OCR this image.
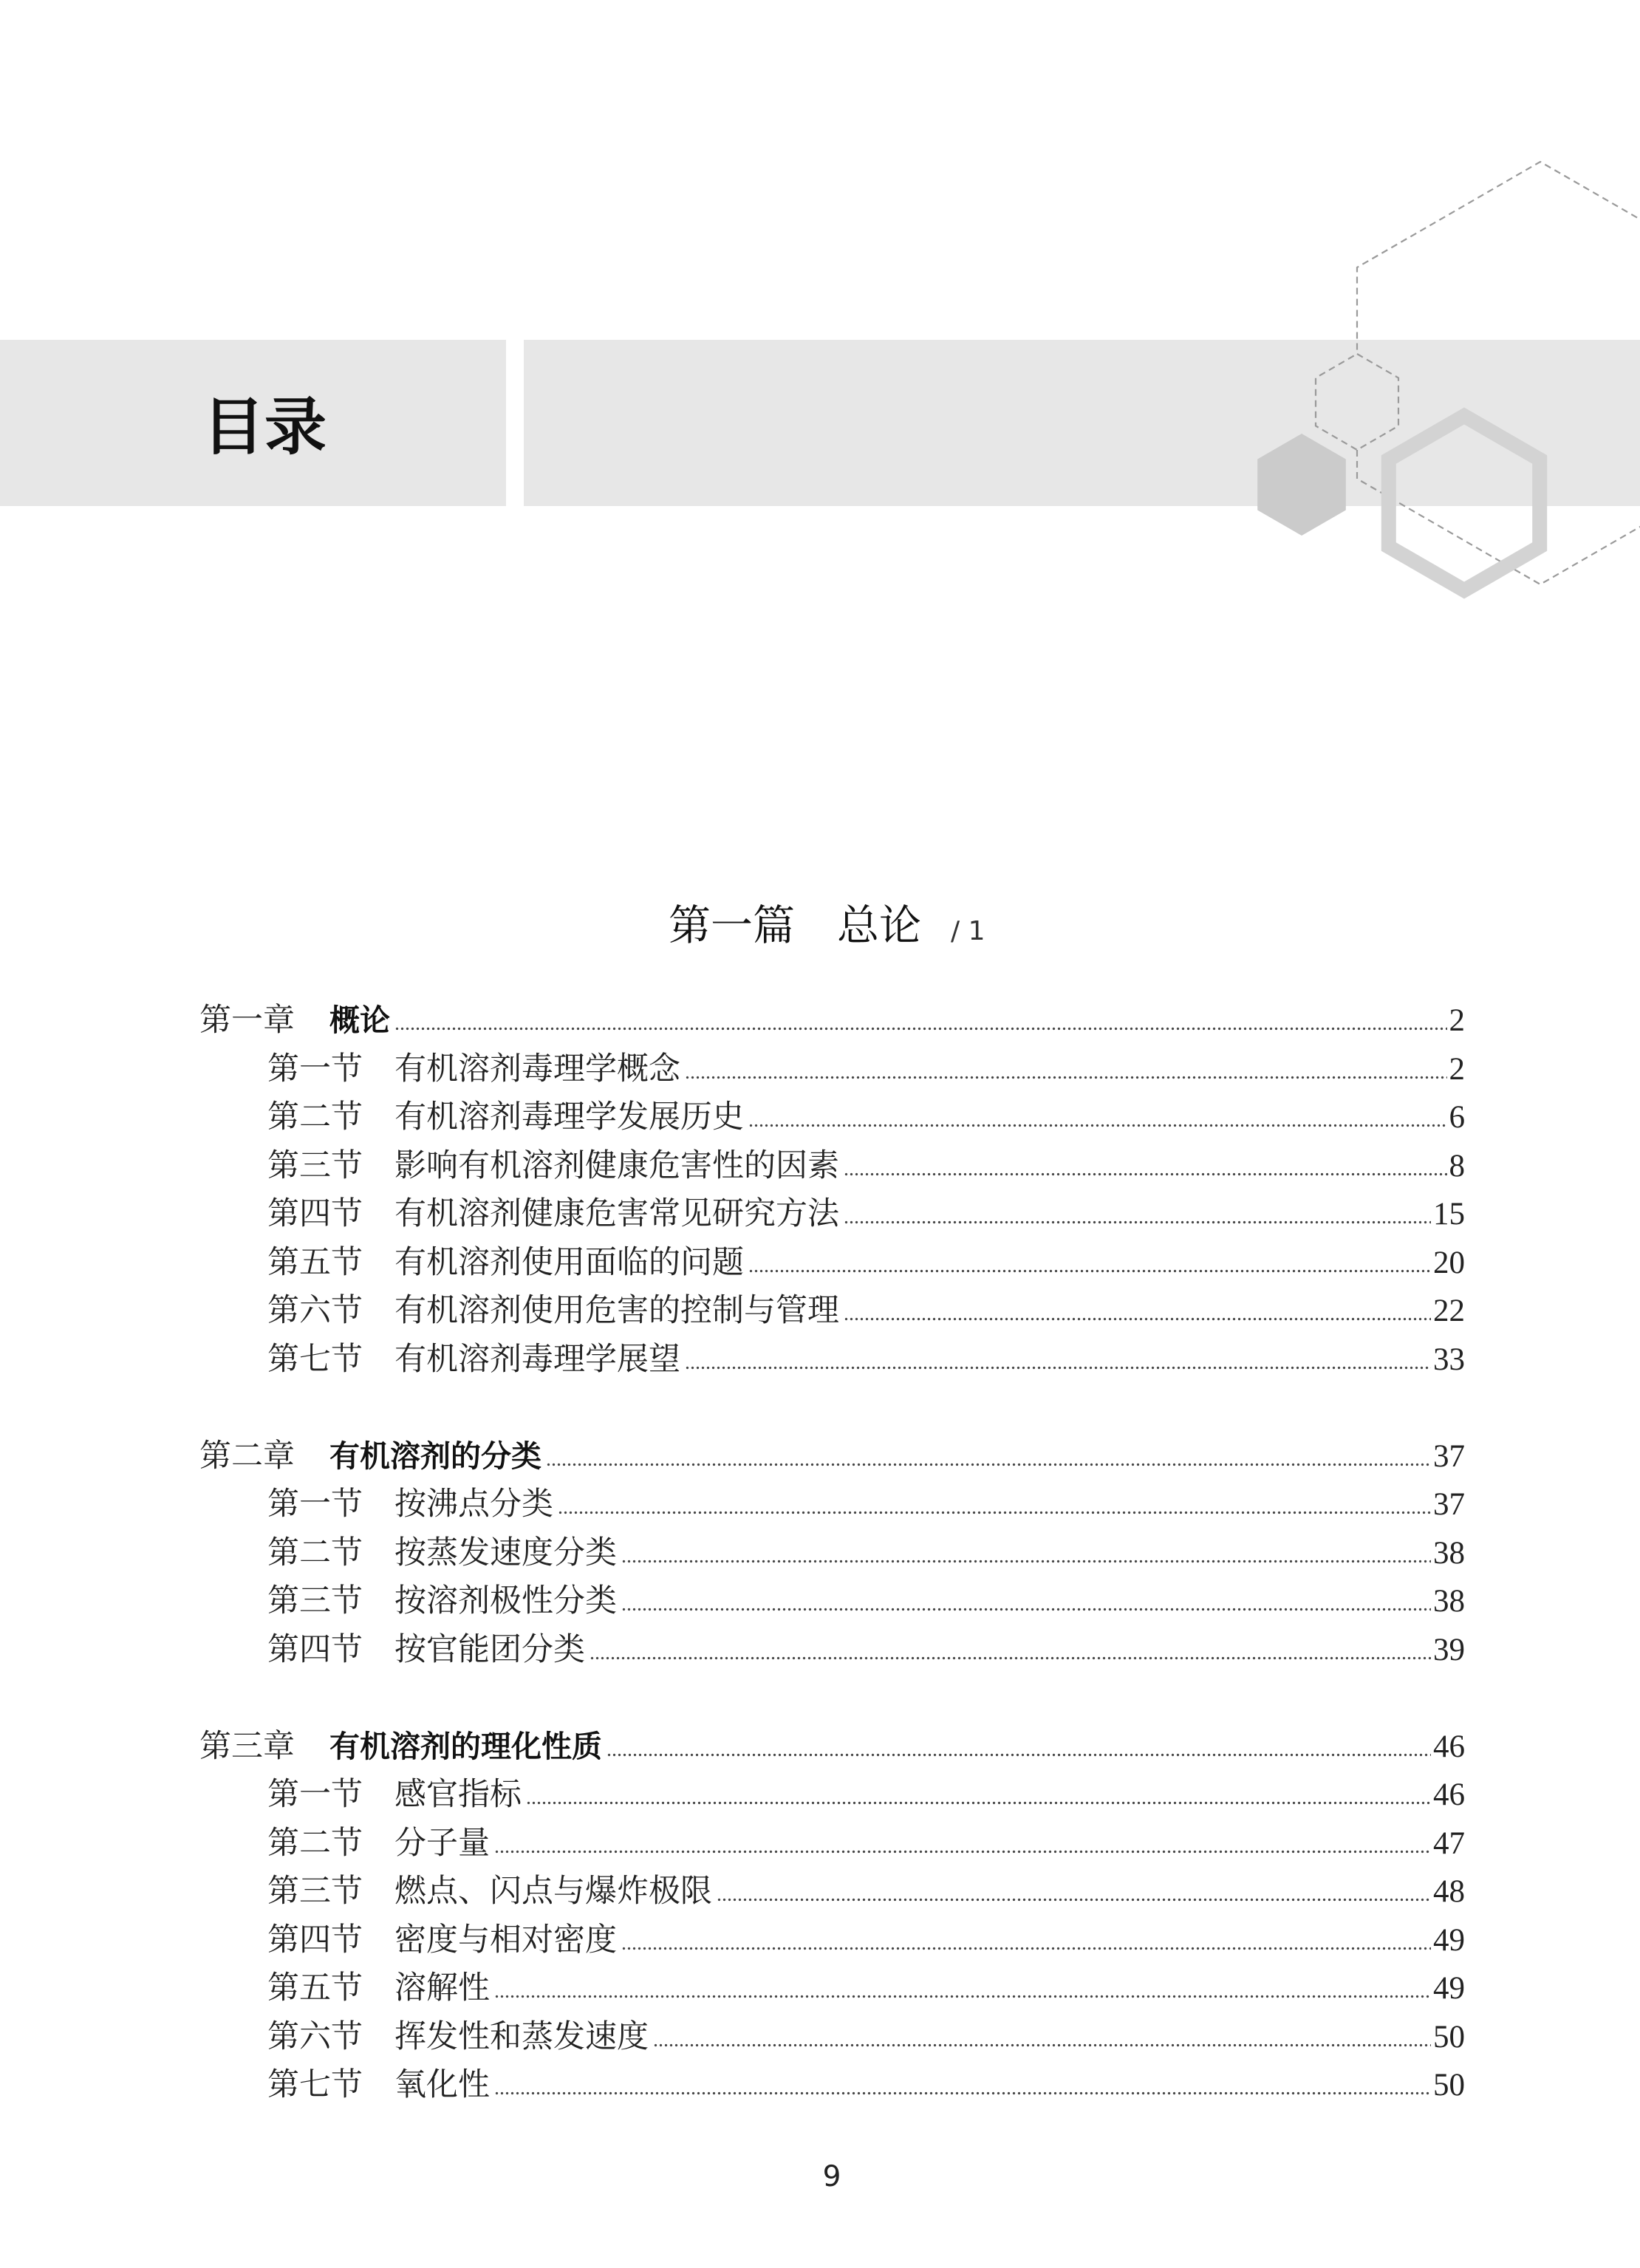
目录
第一篇　总论 / 1
第一章	概论	2
第一节	有机溶剂毒理学概念	2
第二节	有机溶剂毒理学发展历史	6
第三节	影响有机溶剂健康危害性的因素	8
第四节	有机溶剂健康危害常见研究方法	15
第五节	有机溶剂使用面临的问题	20
第六节	有机溶剂使用危害的控制与管理	22
第七节	有机溶剂毒理学展望	33
第二章	有机溶剂的分类	37
第一节	按沸点分类	37
第二节	按蒸发速度分类	38
第三节	按溶剂极性分类	38
第四节	按官能团分类	39
第三章	有机溶剂的理化性质	46
第一节	感官指标	46
第二节	分子量	47
第三节	燃点、闪点与爆炸极限	48
第四节	密度与相对密度	49
第五节	溶解性	49
第六节	挥发性和蒸发速度	50
第七节	氧化性	50
9
